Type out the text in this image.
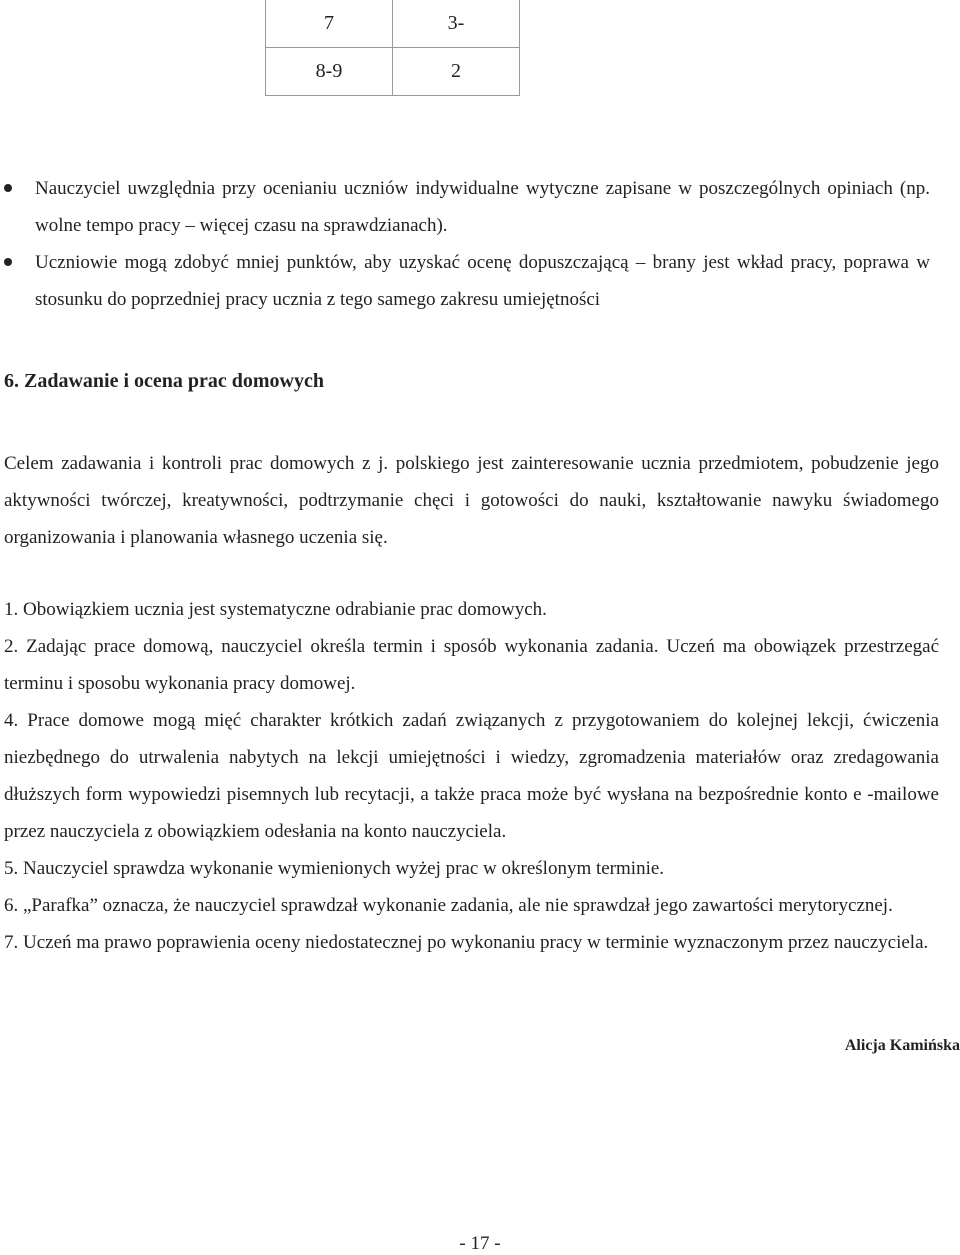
7	3-
8-9	2
Nauczyciel uwzględnia przy ocenianiu uczniów indywidualne wytyczne zapisane w poszczególnych opiniach (np. wolne tempo pracy – więcej czasu na sprawdzianach).
Uczniowie mogą zdobyć mniej punktów, aby uzyskać ocenę dopuszczającą – brany jest wkład pracy, poprawa w stosunku do poprzedniej pracy ucznia z tego samego zakresu umiejętności
6. Zadawanie i ocena prac domowych

Celem zadawania i kontroli prac domowych z j. polskiego jest zainteresowanie ucznia przedmiotem, pobudzenie jego aktywności twórczej, kreatywności, podtrzymanie chęci i gotowości do nauki, kształtowanie nawyku świadomego organizowania i planowania własnego uczenia się.

1. Obowiązkiem ucznia jest systematyczne odrabianie prac domowych.
2. Zadając prace domową, nauczyciel określa termin i sposób wykonania zadania. Uczeń ma obowiązek przestrzegać terminu i sposobu wykonania pracy domowej.
4. Prace domowe mogą mięć charakter krótkich zadań związanych z przygotowaniem do kolejnej lekcji, ćwiczenia niezbędnego do utrwalenia nabytych na lekcji umiejętności i wiedzy, zgromadzenia materiałów oraz zredagowania dłuższych form wypowiedzi pisemnych lub recytacji, a także praca może być wysłana na bezpośrednie konto e -mailowe przez nauczyciela z obowiązkiem odesłania na konto nauczyciela.
5. Nauczyciel sprawdza wykonanie wymienionych wyżej prac w określonym terminie.
6. „Parafka” oznacza, że nauczyciel sprawdzał wykonanie zadania, ale nie sprawdzał jego zawartości merytorycznej.
7. Uczeń ma prawo poprawienia oceny niedostatecznej po wykonaniu pracy w terminie wyznaczonym przez nauczyciela.
Alicja Kamińska
- 17 -
